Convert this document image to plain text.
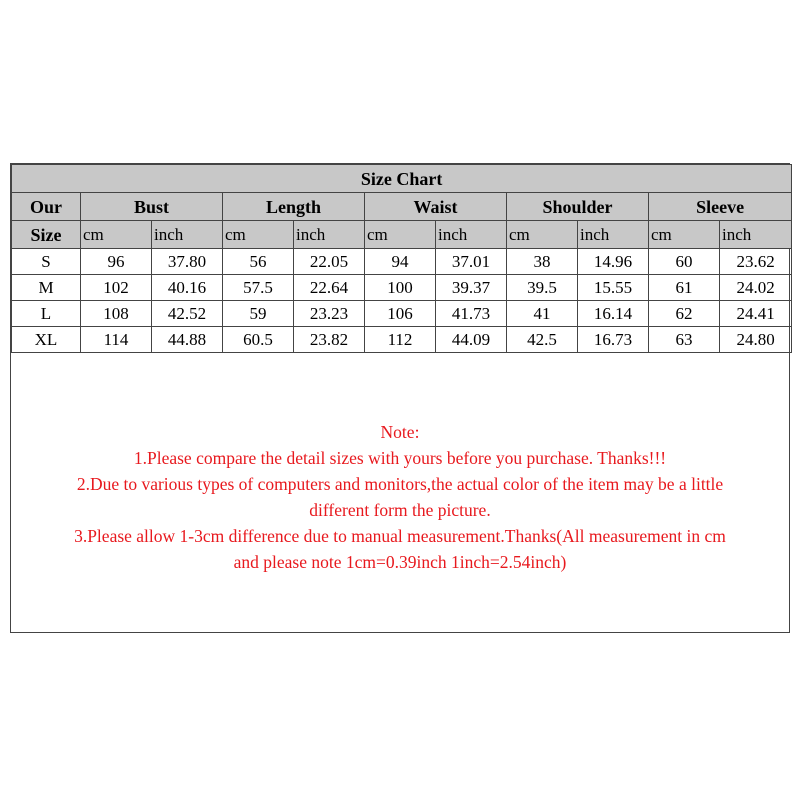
Size Chart										
Our	Bust		Length		Waist		Shoulder		Sleeve	
Size	cm	inch	cm	inch	cm	inch	cm	inch	cm	inch
S	96	37.80	56	22.05	94	37.01	38	14.96	60	23.62
M	102	40.16	57.5	22.64	100	39.37	39.5	15.55	61	24.02
L	108	42.52	59	23.23	106	41.73	41	16.14	62	24.41
XL	114	44.88	60.5	23.82	112	44.09	42.5	16.73	63	24.80
Note:
1.Please compare the detail sizes with yours before you purchase. Thanks!!!
2.Due to various types of computers and monitors,the actual color of the item may be a little
different form the picture.
3.Please allow 1-3cm difference due to manual measurement.Thanks(All measurement in cm
and please note 1cm=0.39inch 1inch=2.54inch)
